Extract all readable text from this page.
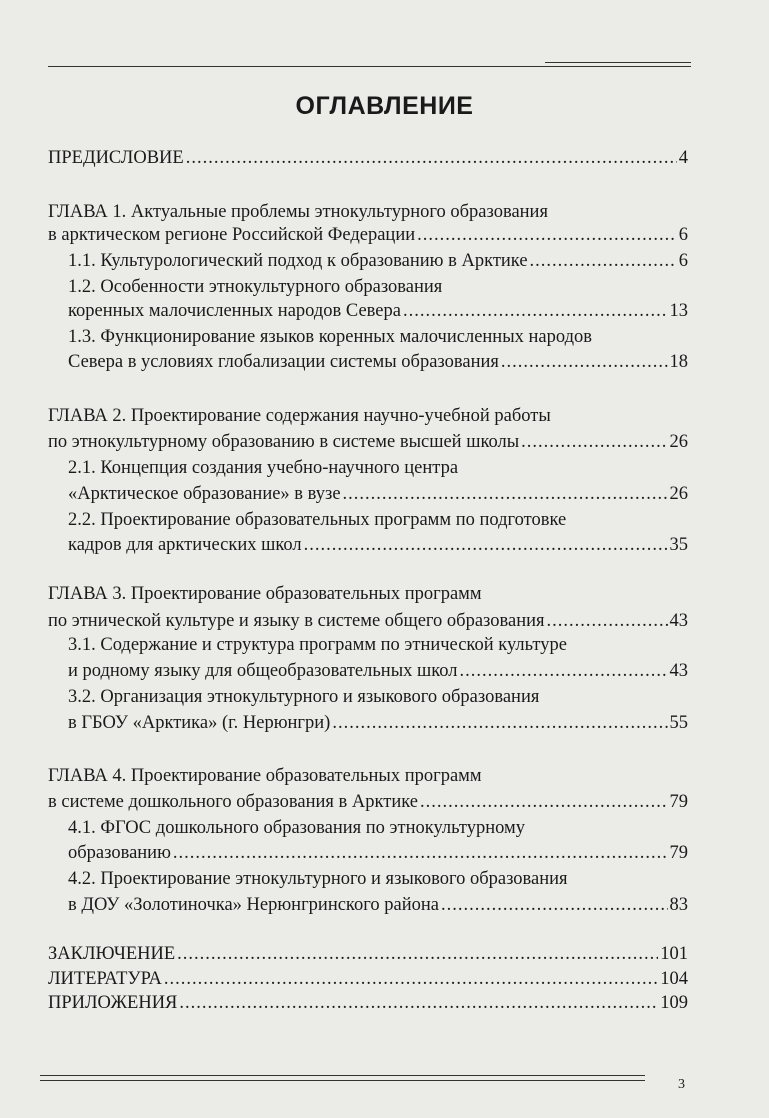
ОГЛАВЛЕНИЕ
ПРЕДИСЛОВИЕ .....	4
ГЛАВА 1. Актуальные проблемы этнокультурного образования
в арктическом регионе Российской Федерации .....	6
1.1. Культурологический подход к образованию в Арктике .....	6
1.2. Особенности этнокультурного образования
коренных малочисленных народов Севера .....	13
1.3. Функционирование языков коренных малочисленных народов
Севера в условиях глобализации системы образования .....	18
ГЛАВА 2. Проектирование содержания научно-учебной работы
по этнокультурному образованию в системе высшей школы .....	26
2.1. Концепция создания учебно-научного центра
«Арктическое образование» в вузе .....	26
2.2. Проектирование образовательных программ по подготовке
кадров для арктических школ .....	35
ГЛАВА 3. Проектирование образовательных программ
по этнической культуре и языку в системе общего образования .....	43
3.1. Содержание и структура программ по этнической культуре
и родному языку для общеобразовательных школ .....	43
3.2. Организация этнокультурного и языкового образования
в ГБОУ «Арктика» (г. Нерюнгри) .....	55
ГЛАВА 4. Проектирование образовательных программ
в системе дошкольного образования в Арктике .....	79
4.1. ФГОС дошкольного образования по этнокультурному
образованию .....	79
4.2. Проектирование этнокультурного и языкового образования
в ДОУ «Золотиночка» Нерюнгринского района .....	83
ЗАКЛЮЧЕНИЕ .....	101
ЛИТЕРАТУРА .....	104
ПРИЛОЖЕНИЯ .....	109
3
